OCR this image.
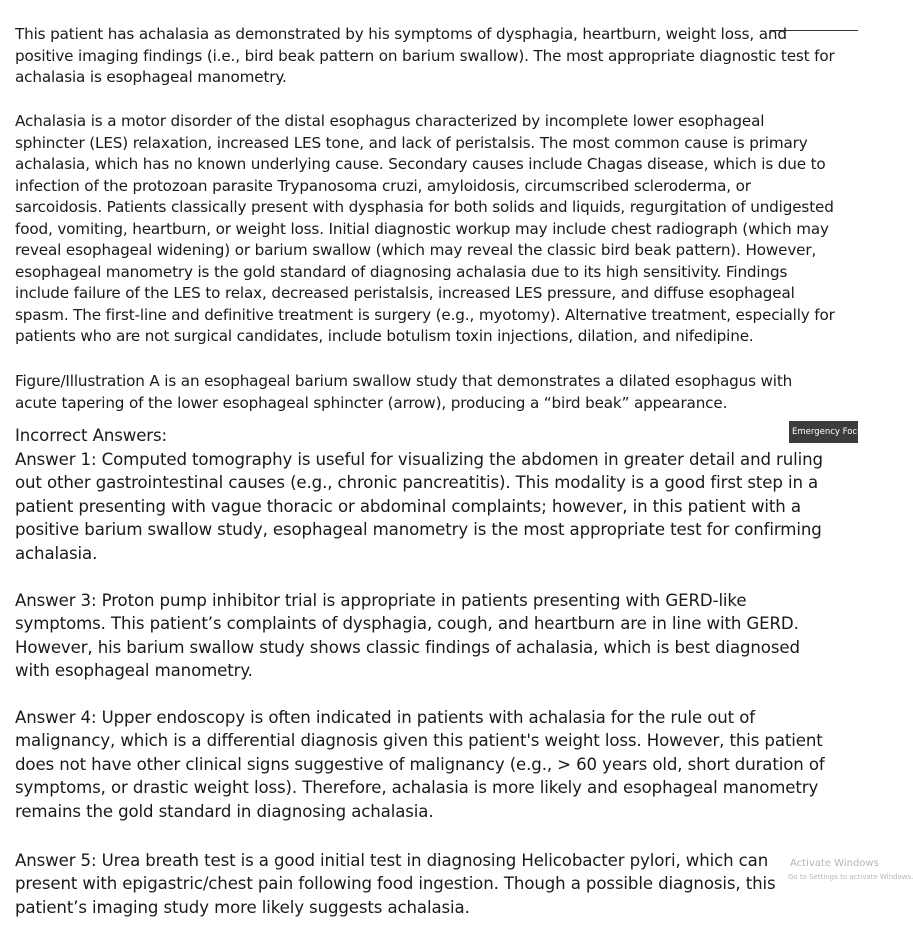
This patient has achalasia as demonstrated by his symptoms of dysphagia, heartburn, weight loss, and positive imaging findings (i.e., bird beak pattern on barium swallow). The most appropriate diagnostic test for achalasia is esophageal manometry.

Achalasia is a motor disorder of the distal esophagus characterized by incomplete lower esophageal sphincter (LES) relaxation, increased LES tone, and lack of peristalsis. The most common cause is primary achalasia, which has no known underlying cause. Secondary causes include Chagas disease, which is due to infection of the protozoan parasite Trypanosoma cruzi, amyloidosis, circumscribed scleroderma, or sarcoidosis. Patients classically present with dysphasia for both solids and liquids, regurgitation of undigested food, vomiting, heartburn, or weight loss. Initial diagnostic workup may include chest radiograph (which may reveal esophageal widening) or barium swallow (which may reveal the classic bird beak pattern). However, esophageal manometry is the gold standard of diagnosing achalasia due to its high sensitivity. Findings include failure of the LES to relax, decreased peristalsis, increased LES pressure, and diffuse esophageal spasm. The first-line and definitive treatment is surgery (e.g., myotomy). Alternative treatment, especially for patients who are not surgical candidates, include botulism toxin injections, dilation, and nifedipine.

Figure/Illustration A is an esophageal barium swallow study that demonstrates a dilated esophagus with acute tapering of the lower esophageal sphincter (arrow), producing a “bird beak” appearance.

Incorrect Answers:

Answer 1: Computed tomography is useful for visualizing the abdomen in greater detail and ruling out other gastrointestinal causes (e.g., chronic pancreatitis). This modality is a good first step in a patient presenting with vague thoracic or abdominal complaints; however, in this patient with a positive barium swallow study, esophageal manometry is the most appropriate test for confirming achalasia.

Answer 3: Proton pump inhibitor trial is appropriate in patients presenting with GERD-like symptoms. This patient’s complaints of dysphagia, cough, and heartburn are in line with GERD. However, his barium swallow study shows classic findings of achalasia, which is best diagnosed with esophageal manometry.

Answer 4: Upper endoscopy is often indicated in patients with achalasia for the rule out of malignancy, which is a differential diagnosis given this patient's weight loss. However, this patient does not have other clinical signs suggestive of malignancy (e.g., > 60 years old, short duration of symptoms, or drastic weight loss). Therefore, achalasia is more likely and esophageal manometry remains the gold standard in diagnosing achalasia.

Answer 5: Urea breath test is a good initial test in diagnosing Helicobacter pylori, which can present with epigastric/chest pain following food ingestion. Though a possible diagnosis, this patient’s imaging study more likely suggests achalasia.

Emergency Focus
Activate Windows
Go to Settings to activate Windows.
